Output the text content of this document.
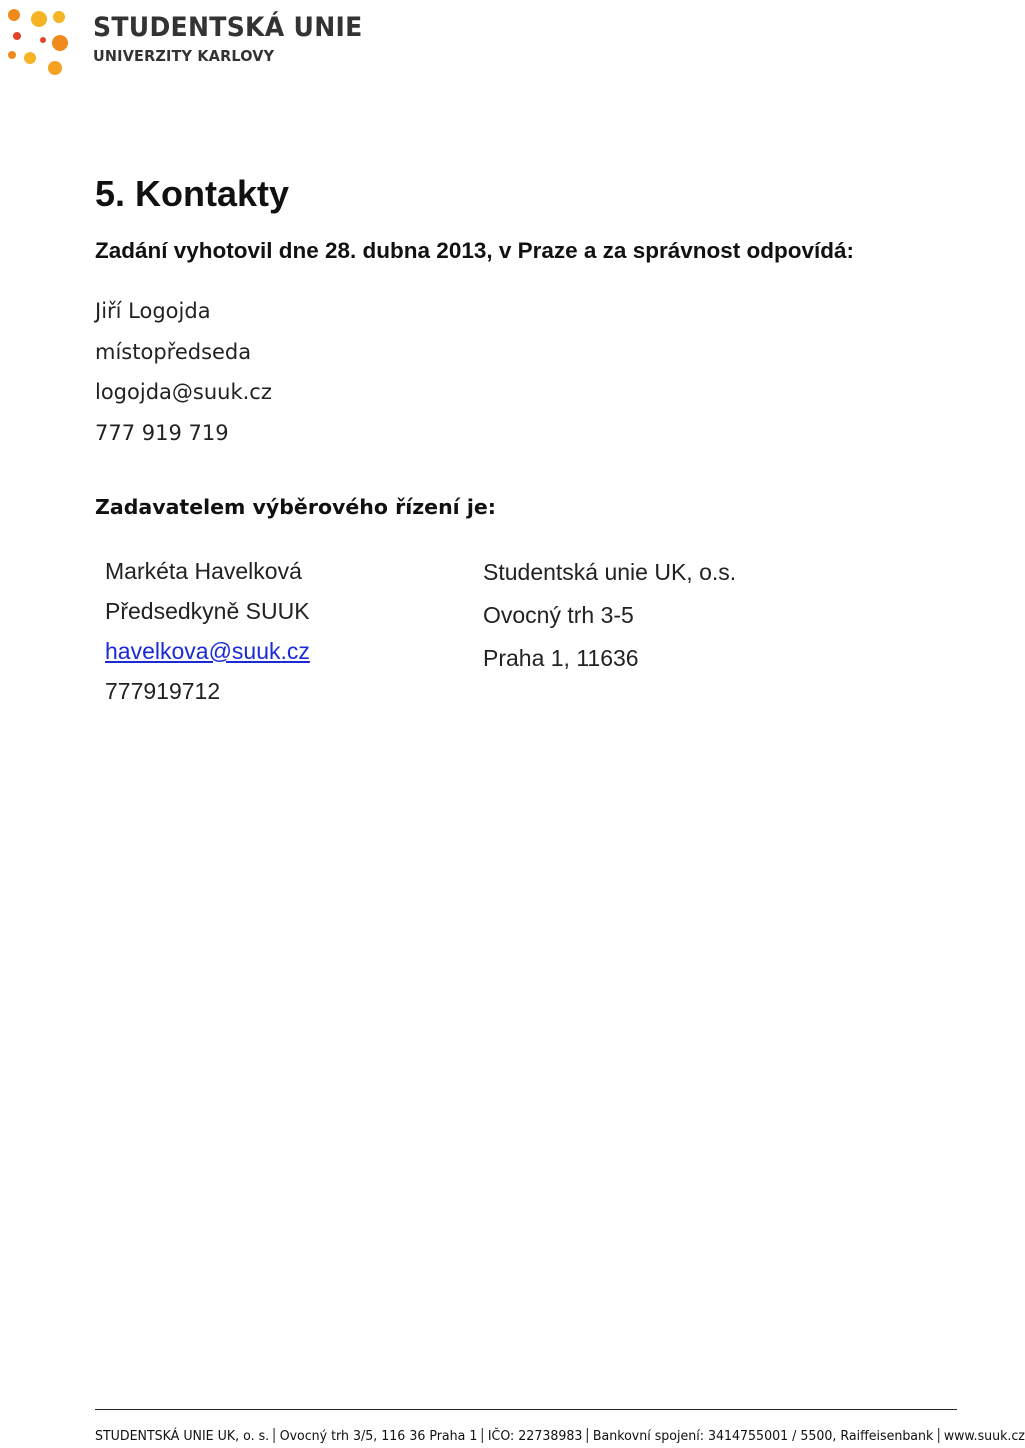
STUDENTSKÁ UNIE
UNIVERZITY KARLOVY
5. Kontakty
Zadání vyhotovil dne 28. dubna 2013, v Praze a za správnost odpovídá:
Jiří Logojda
místopředseda
logojda@suuk.cz
777 919 719
Zadavatelem výběrového řízení je:
Markéta Havelková
Předsedkyně SUUK
havelkova@suuk.cz
777919712
Studentská unie UK, o.s.
Ovocný trh 3-5
Praha 1, 11636
STUDENTSKÁ UNIE UK, o. s. Ovocný trh 3/5, 116 36 Praha 1 IČO: 22738983 Bankovní spojení: 3414755001 / 5500, Raiffeisenbank www.suuk.cz
